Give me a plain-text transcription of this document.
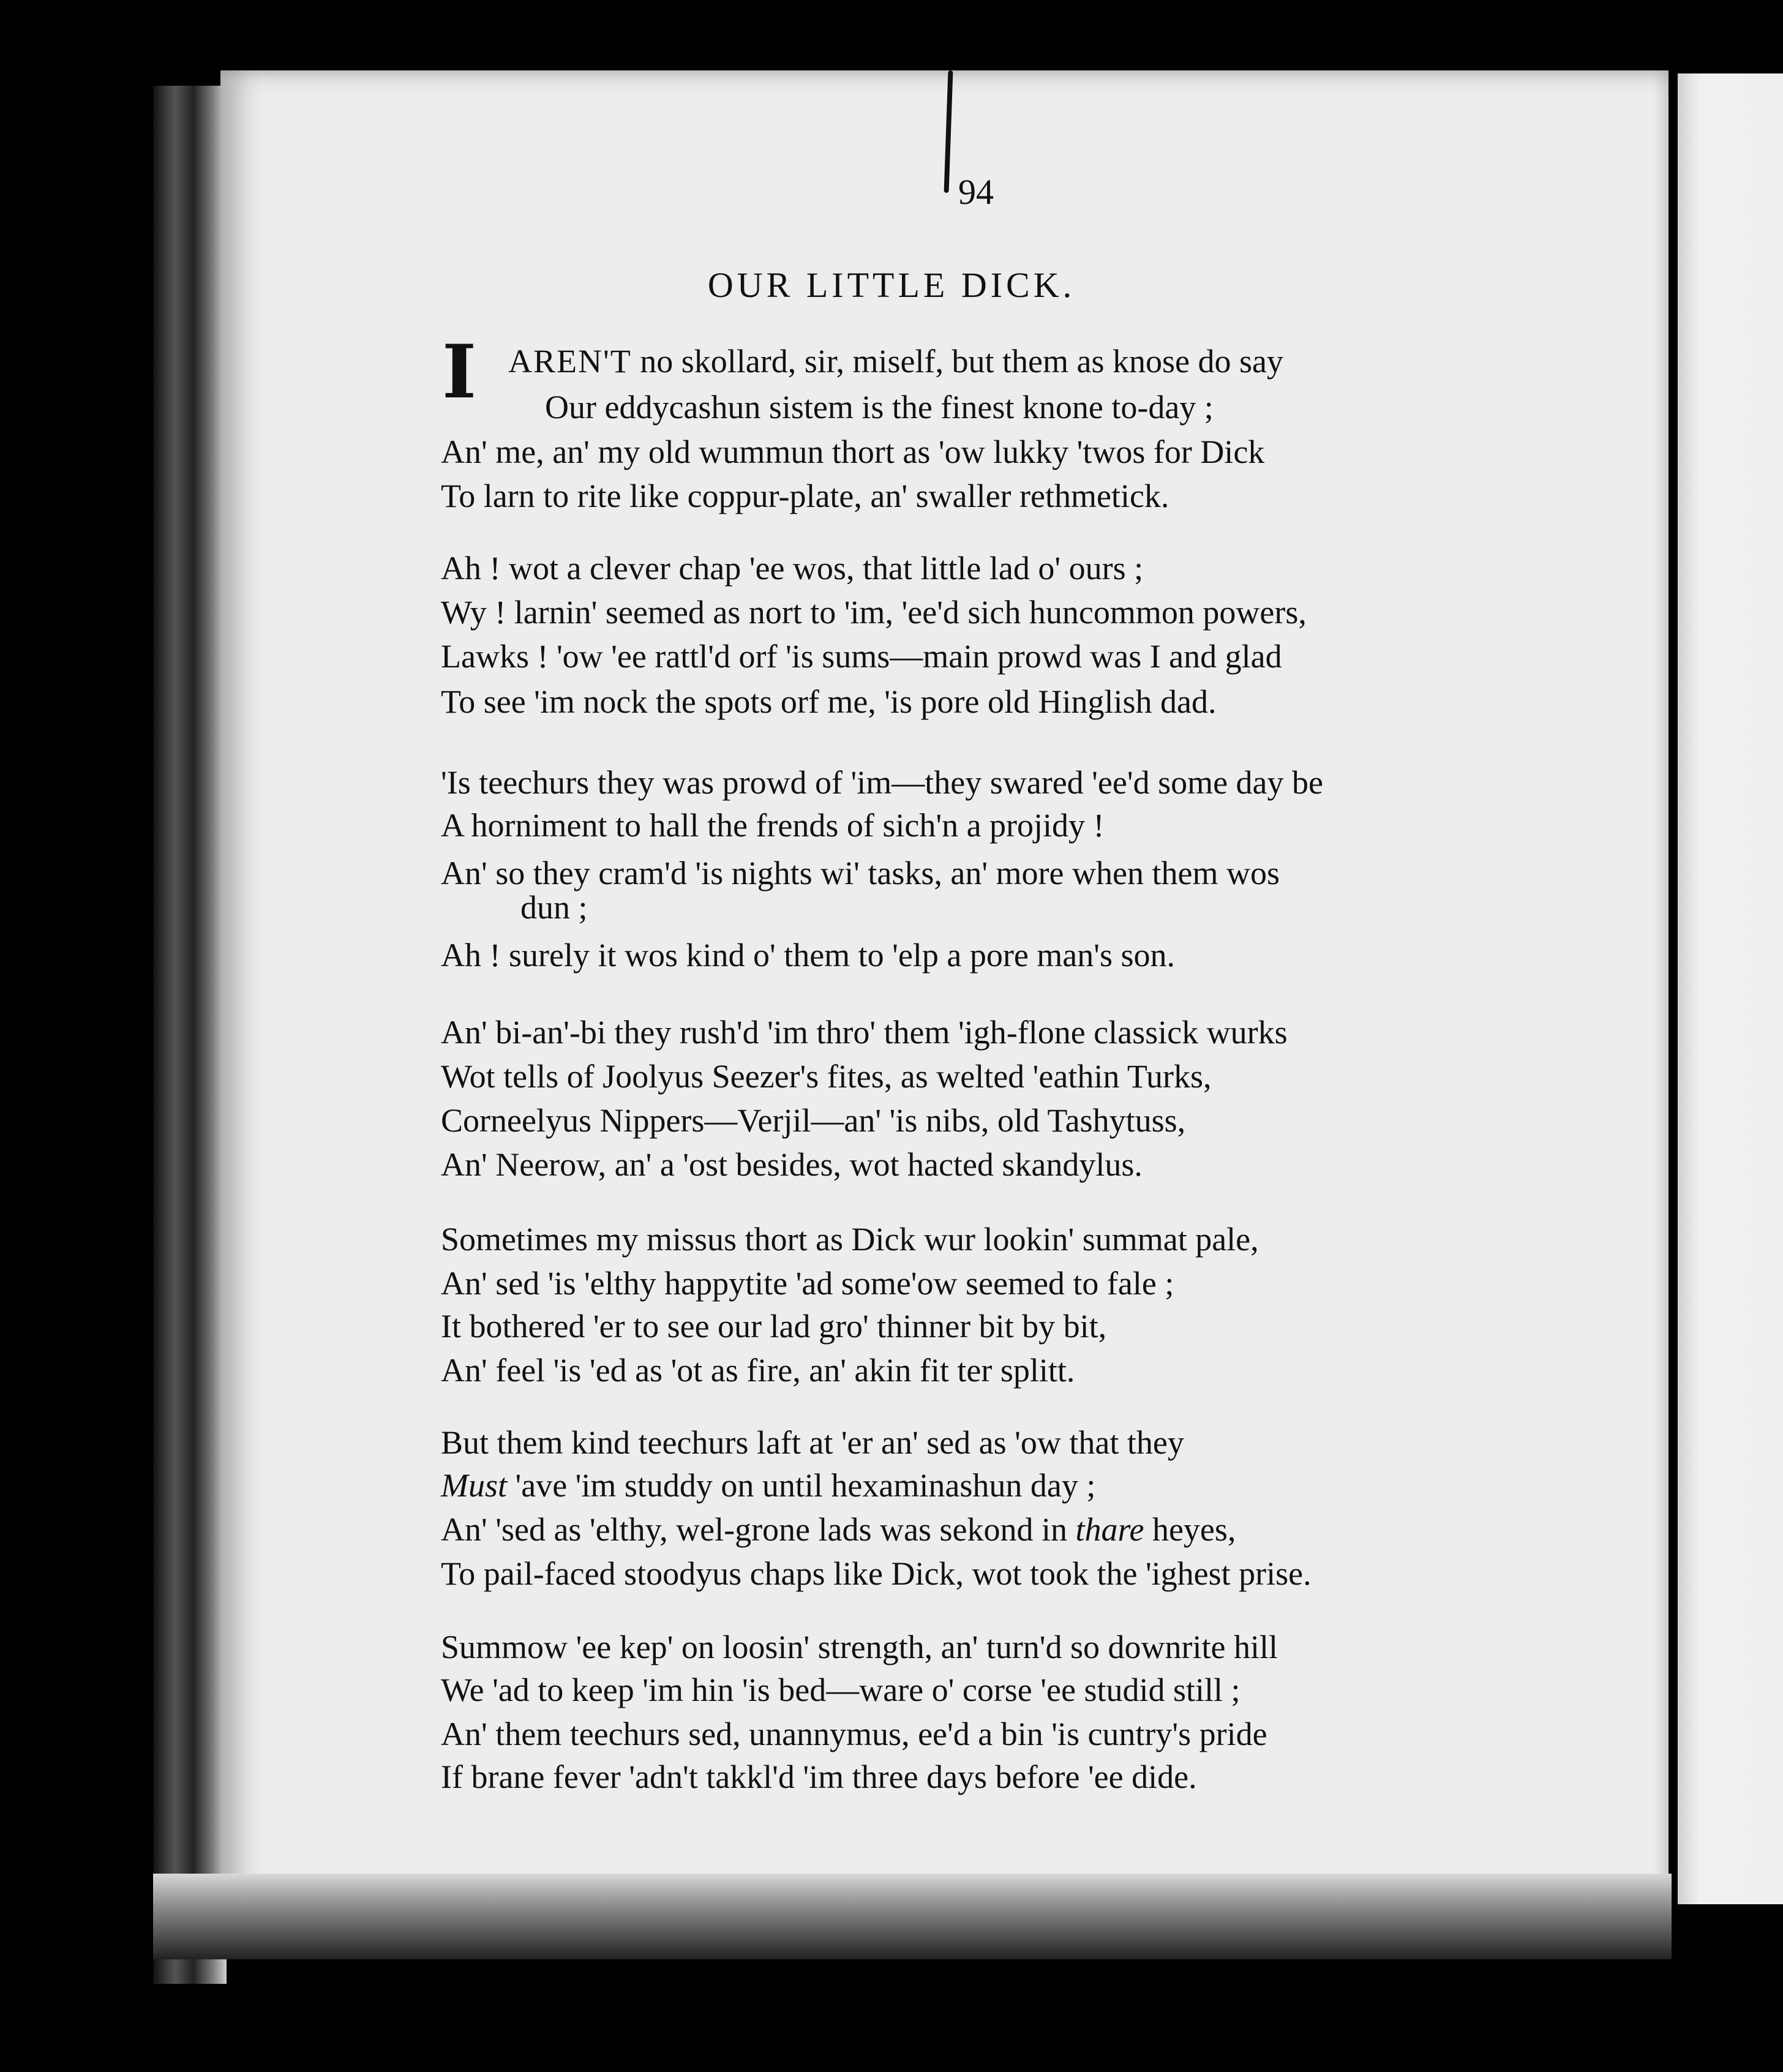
94
OUR LITTLE DICK.
I AREN'T no skollard, sir, miself, but them as knose do say
Our eddycashun sistem is the finest knone to-day ;
An' me, an' my old wummun thort as 'ow lukky 'twos for Dick
To larn to rite like coppur-plate, an' swaller rethmetick.
Ah ! wot a clever chap 'ee wos, that little lad o' ours ;
Wy ! larnin' seemed as nort to 'im, 'ee'd sich huncommon powers,
Lawks ! 'ow 'ee rattl'd orf 'is sums—main prowd was I and glad
To see 'im nock the spots orf me, 'is pore old Hinglish dad.
'Is teechurs they was prowd of 'im—they swared 'ee'd some day be
A horniment to hall the frends of sich'n a projidy !
An' so they cram'd 'is nights wi' tasks, an' more when them wos
dun ;
Ah ! surely it wos kind o' them to 'elp a pore man's son.
An' bi-an'-bi they rush'd 'im thro' them 'igh-flone classick wurks
Wot tells of Joolyus Seezer's fites, as welted 'eathin Turks,
Corneelyus Nippers—Verjil—an' 'is nibs, old Tashytuss,
An' Neerow, an' a 'ost besides, wot hacted skandylus.
Sometimes my missus thort as Dick wur lookin' summat pale,
An' sed 'is 'elthy happytite 'ad some'ow seemed to fale ;
It bothered 'er to see our lad gro' thinner bit by bit,
An' feel 'is 'ed as 'ot as fire, an' akin fit ter splitt.
But them kind teechurs laft at 'er an' sed as 'ow that they
Must 'ave 'im studdy on until hexaminashun day ;
An' 'sed as 'elthy, wel-grone lads was sekond in thare heyes,
To pail-faced stoodyus chaps like Dick, wot took the 'ighest prise.
Summow 'ee kep' on loosin' strength, an' turn'd so downrite hill
We 'ad to keep 'im hin 'is bed—ware o' corse 'ee studid still ;
An' them teechurs sed, unannymus, ee'd a bin 'is cuntry's pride
If brane fever 'adn't takkl'd 'im three days before 'ee dide.
